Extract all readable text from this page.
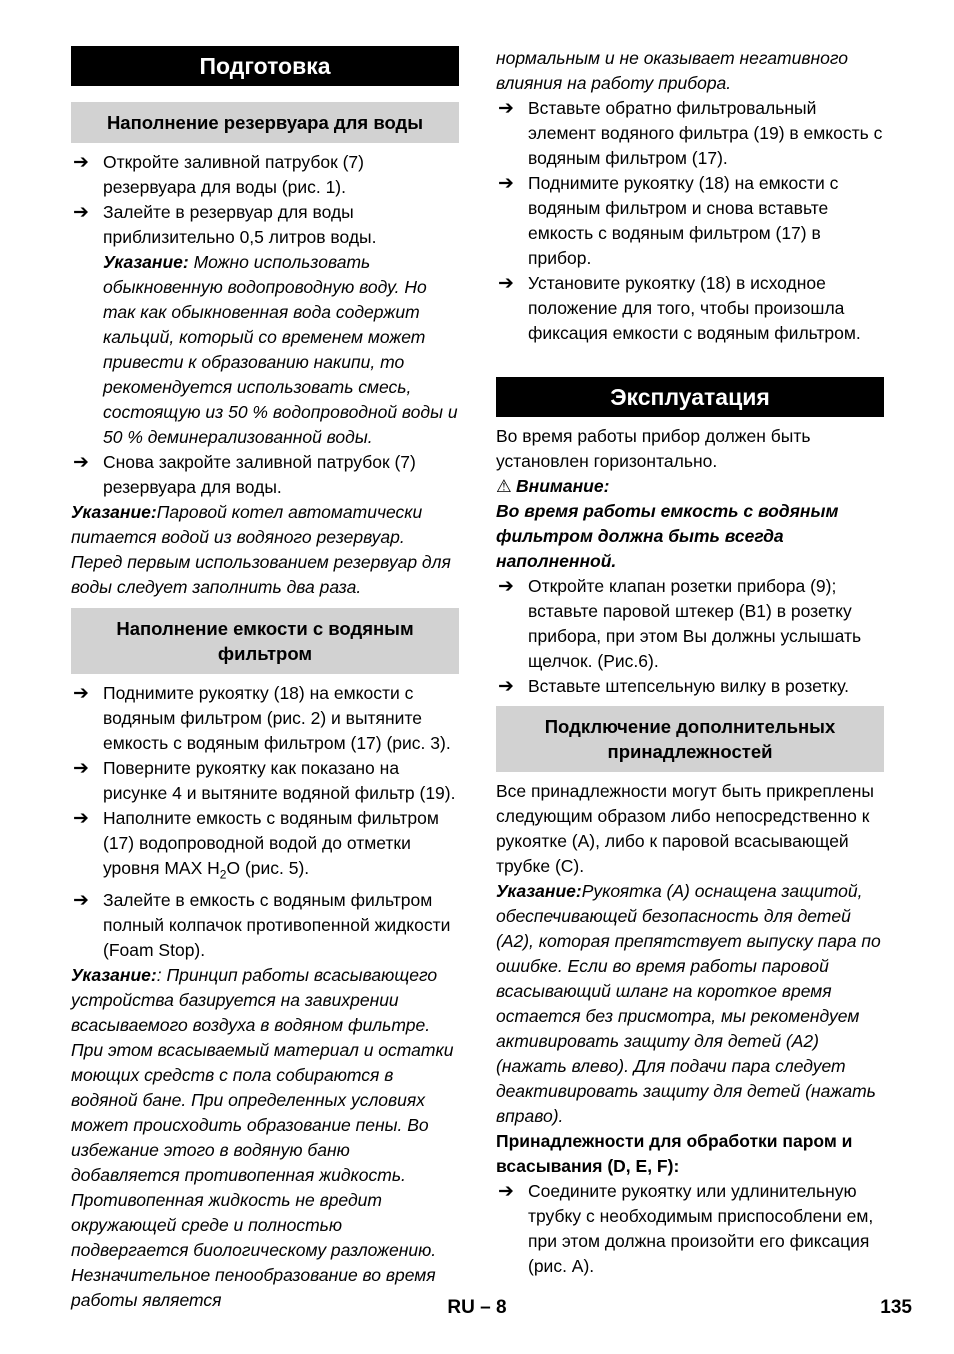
Подготовка
Наполнение резервуара для воды
➔ Откройте заливной патрубок (7) резервуара для воды (рис. 1).
➔ Залейте в резервуар для воды приблизительно 0,5 литров воды.
Указание: Можно использовать обыкновенную водопроводную воду. Но так как обыкновенная вода содержит кальций, который со временем может привести к образованию накипи, то рекомендуется использовать смесь, состоящую из 50 % водопроводной воды и 50 % деминерализованной воды.
➔ Снова закройте заливной патрубок (7) резервуара для воды.
Указание:Паровой котел автоматически питается водой из водяного резервуар. Перед первым использованием резервуар для воды следует заполнить два раза.
Наполнение емкости с водяным фильтром
➔ Поднимите рукоятку (18) на емкости с водяным фильтром (рис. 2) и вытяните емкость с водяным фильтром (17) (рис. 3).
➔ Поверните рукоятку как показано на рисунке 4 и вытяните водяной фильтр (19).
➔ Наполните емкость с водяным фильтром (17) водопроводной водой до отметки уровня MAX $H_2O$ (рис. 5).
➔ Залейте в емкость с водяным фильтром полный колпачок противопенной жидкости (Foam Stop).
Указание:: Принцип работы всасывающего устройства базируется на завихрении всасываемого воздуха в водяном фильтре. При этом всасываемый материал и остатки моющих средств с пола собираются в водяной бане. При определенных условиях может происходить образование пены. Во избежание этого в водяную баню добавляется противопенная жидкость. Противопенная жидкость не вредит окружающей среде и полностью подвергается биологическому разложению. Незначительное пенообразование во время работы является
нормальным и не оказывает негативного влияния на работу прибора.
➔ Вставьте обратно фильтровальный элемент водяного фильтра (19) в емкость с водяным фильтром (17).
➔ Поднимите рукоятку (18) на емкости с водяным фильтром и снова вставьте емкость с водяным фильтром (17) в прибор.
➔ Установите рукоятку (18) в исходное положение для того, чтобы произошла фиксация емкости с водяным фильтром.
Эксплуатация
Во время работы прибор должен быть установлен горизонтально.
⚠ Внимание:
Во время работы емкость с водяным фильтром должна быть всегда наполненной.
➔ Откройте клапан розетки прибора (9); вставьте паровой штекер (B1) в розетку прибора, при этом Вы должны услышать щелчок. (Рис.6).
➔ Вставьте штепсельную вилку в розетку.
Подключение дополнительных принадлежностей
Все принадлежности могут быть прикреплены следующим образом либо непосредственно к рукоятке (A), либо к паровой всасывающей трубке (C).
Указание:Рукоятка (A) оснащена защитой, обеспечивающей безопасность для детей (A2), которая препятствует выпуску пара по ошибке. Если во время работы паровой всасывающий шланг на короткое время остается без присмотра, мы рекомендуем активировать защиту для детей (A2) (нажать влево). Для подачи пара следует деактивировать защиту для детей (нажать вправо).
Принадлежности для обработки паром и всасывания (D, E, F):
➔ Соедините рукоятку или удлинительную трубку с необходимым приспособлени ем, при этом должна произойти его фиксация (рис. A).
RU – 8	135
